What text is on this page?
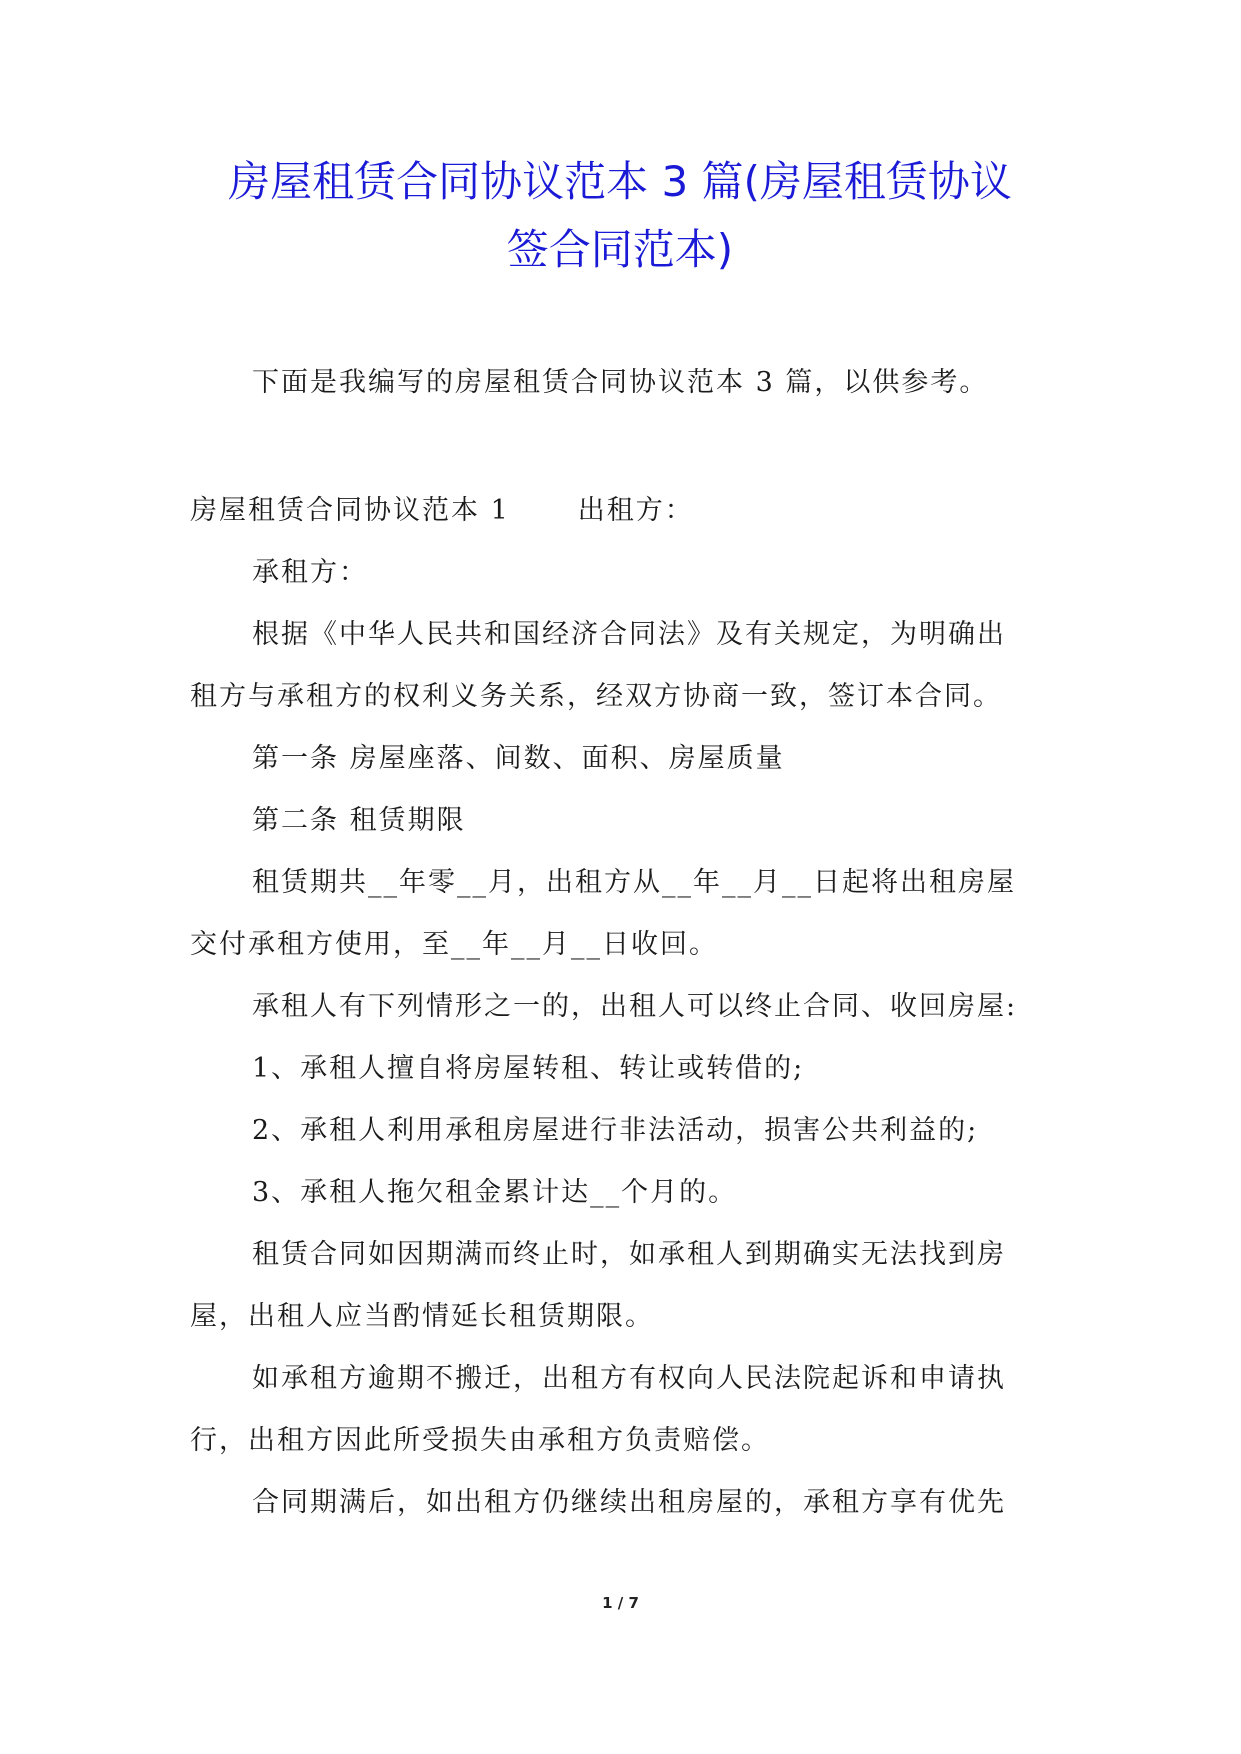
房屋租赁合同协议范本 3 篇(房屋租赁协议
签合同范本)

下面是我编写的房屋租赁合同协议范本 3 篇，以供参考。

房屋租赁合同协议范本 1	出租方：

承租方：

根据《中华人民共和国经济合同法》及有关规定，为明确出

租方与承租方的权利义务关系，经双方协商一致，签订本合同。

第一条 房屋座落、间数、面积、房屋质量

第二条 租赁期限

租赁期共__年零__月，出租方从__年__月__日起将出租房屋

交付承租方使用，至__年__月__日收回。

承租人有下列情形之一的，出租人可以终止合同、收回房屋:

1、承租人擅自将房屋转租、转让或转借的;

2、承租人利用承租房屋进行非法活动，损害公共利益的;

3、承租人拖欠租金累计达__个月的。

租赁合同如因期满而终止时，如承租人到期确实无法找到房

屋，出租人应当酌情延长租赁期限。

如承租方逾期不搬迁，出租方有权向人民法院起诉和申请执

行，出租方因此所受损失由承租方负责赔偿。

合同期满后，如出租方仍继续出租房屋的，承租方享有优先

1 / 7
